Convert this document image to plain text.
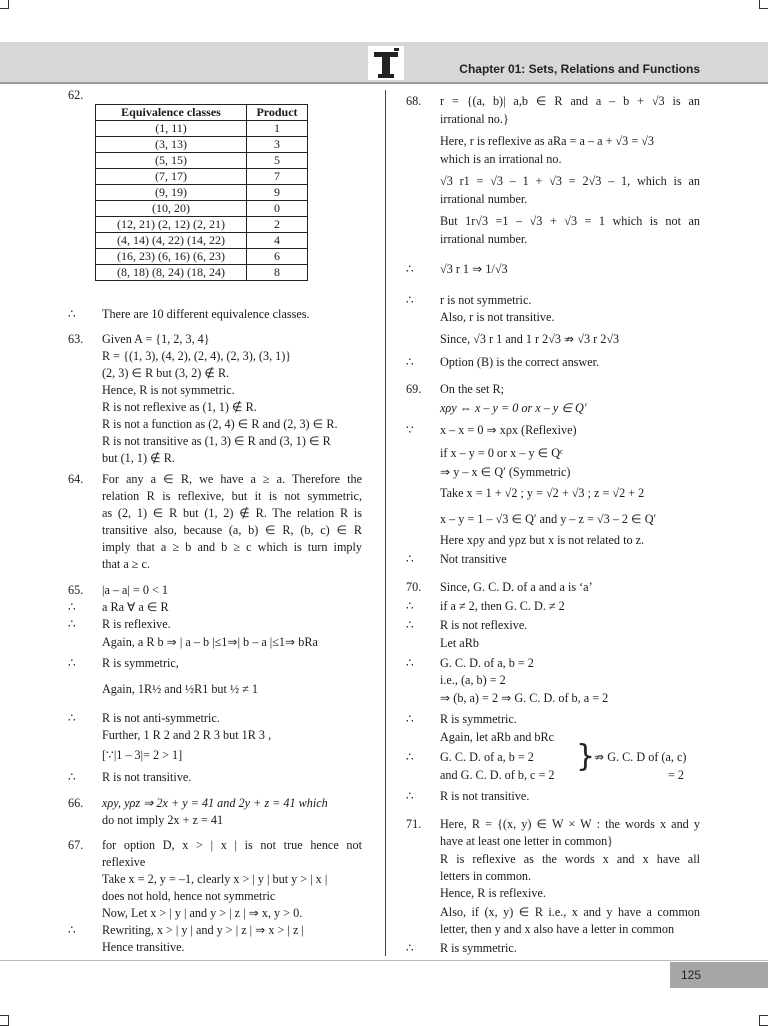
Chapter 01: Sets, Relations and Functions
62.
Equivalence classes	Product
(1, 11)	1
(3, 13)	3
(5, 15)	5
(7, 17)	7
(9, 19)	9
(10, 20)	0
(12, 21) (2, 12) (2, 21)	2
(4, 14) (4, 22) (14, 22)	4
(16, 23) (6, 16) (6, 23)	6
(8, 18) (8, 24) (18, 24)	8
∴ There are 10 different equivalence classes.
63. Given A = {1, 2, 3, 4}
R = {(1, 3), (4, 2), (2, 4), (2, 3), (3, 1)}
(2, 3) ∈ R but (3, 2) ∉ R.
Hence, R is not symmetric.
R is not reflexive as (1, 1) ∉ R.
R is not a function as (2, 4) ∈ R and (2, 3) ∈ R.
R is not transitive as (1, 3) ∈ R and (3, 1) ∈ R
but (1, 1) ∉ R.
64. For any a ∈ R, we have a ≥ a. Therefore the
relation R is reflexive, but it is not symmetric,
as (2, 1) ∈ R but (1, 2) ∉ R. The relation R is
transitive also, because (a, b) ∈ R, (b, c) ∈ R
imply that a ≥ b and b ≥ c which is turn imply
that a ≥ c.
65. |a – a| = 0 < 1
∴ a Ra ∀ a ∈ R
∴ R is reflexive.
Again, a R b ⇒ | a – b |≤1⇒| b – a |≤1⇒ bRa
∴ R is symmetric,
Again, 1R½ and ½R1 but ½ ≠ 1
∴ R is not anti-symmetric.
Further, 1 R 2 and 2 R 3 but 1R 3 ,
[∵|1 – 3|= 2 > 1]
∴ R is not transitive.
66. xρy, yρz ⇒ 2x + y = 41 and 2y + z = 41 which
do not imply 2x + z = 41
67. for option D, x > | x | is not true hence not
reflexive
Take x = 2, y = –1, clearly x > | y | but y > | x |
does not hold, hence not symmetric
Now, Let x > | y | and y > | z | ⇒ x, y > 0.
∴ Rewriting, x > | y | and y > | z | ⇒ x > | z |
Hence transitive.
68. r = {(a, b)| a,b ∈ R and a – b + √3 is an
irrational no.}
Here, r is reflexive as aRa = a – a + √3 = √3
which is an irrational no.
√3 r1 = √3 – 1 + √3 = 2√3 – 1, which is an
irrational number.
But 1r√3 =1 – √3 + √3 = 1 which is not an
irrational number.
∴ √3 r 1 ⇒ 1/√3
∴ r is not symmetric.
Also, r is not transitive.
Since, √3 r 1 and 1 r 2√3 ⇏ √3 r 2√3
∴ Option (B) is the correct answer.
69. On the set R;
xρy ⇔ x – y = 0 or x – y ∈ Q′
∵ x – x = 0 ⇒ xρx (Reflexive)
if x – y = 0 or x – y ∈ Qᶜ
⇒ y – x ∈ Q′ (Symmetric)
Take x = 1 + √2 ; y = √2 + √3 ; z = √2 + 2
x – y = 1 – √3 ∈ Q′ and y – z = √3 – 2 ∈ Q′
Here xρy and yρz but x is not related to z.
∴ Not transitive
70. Since, G. C. D. of a and a is ‘a’
∴ if a ≠ 2, then G. C. D. ≠ 2
∴ R is not reflexive.
Let aRb
∴ G. C. D. of a, b = 2
i.e., (a, b) = 2
⇒ (b, a) = 2 ⇒ G. C. D. of b, a = 2
∴ R is symmetric.
Again, let aRb and bRc
∴ G. C. D. of a, b = 2
and G. C. D. of b, c = 2
}
⇏ G. C. D of (a, c)
= 2
∴ R is not transitive.
71. Here, R = {(x, y) ∈ W × W : the words x and y
have at least one letter in common}
R is reflexive as the words x and x have all
letters in common.
Hence, R is reflexive.
Also, if (x, y) ∈ R i.e., x and y have a common
letter, then y and x also have a letter in common
∴ R is symmetric.
125
